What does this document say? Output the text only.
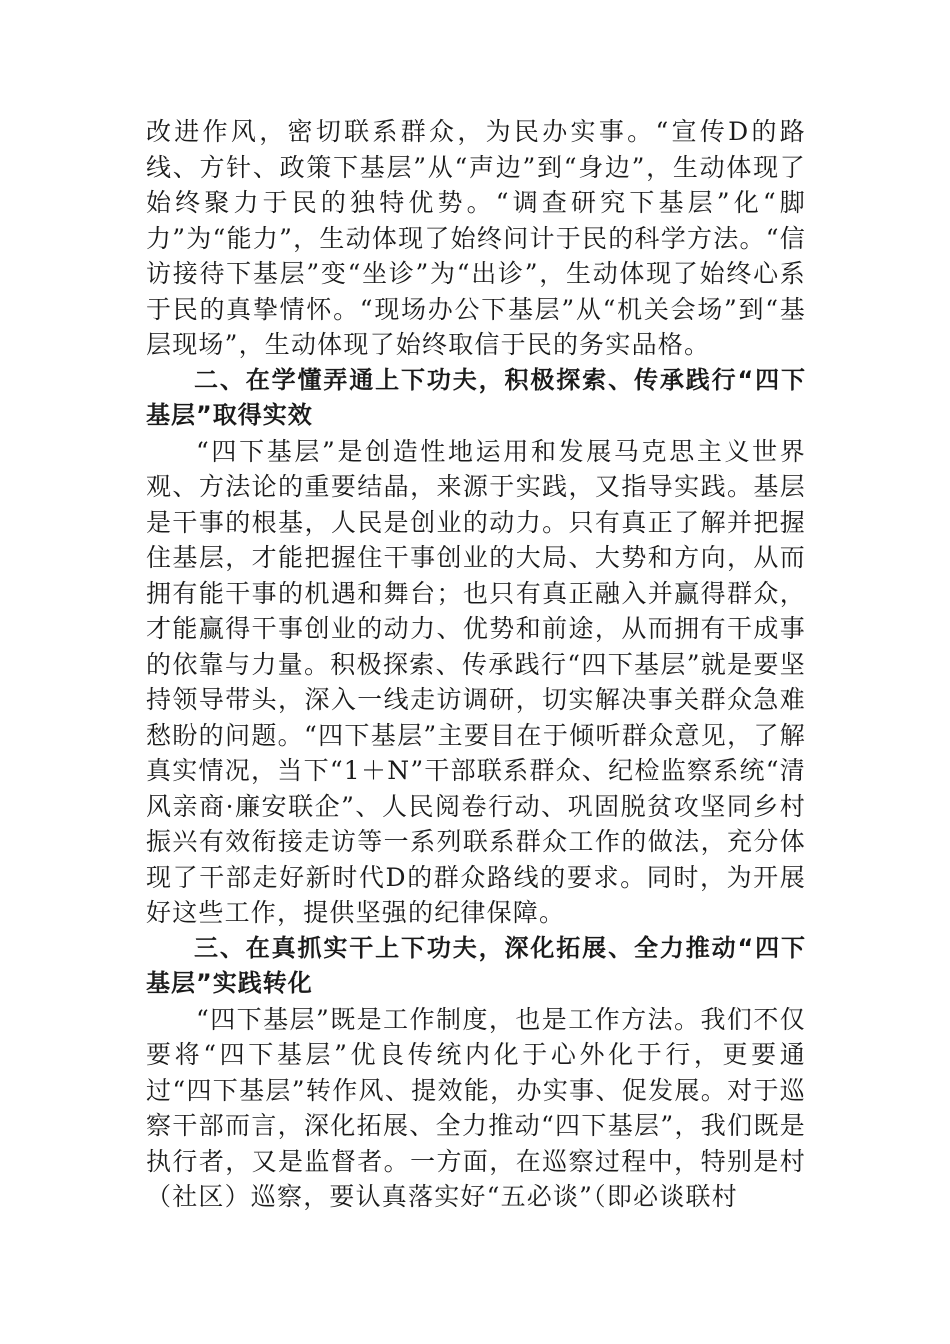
改进作风，密切联系群众，为民办实事。“宣传D的路线、方针、政策下基层”从“声边”到“身边”，生动体现了始终聚力于民的独特优势。“调查研究下基层”化“脚力”为“能力”，生动体现了始终问计于民的科学方法。“信访接待下基层”变“坐诊”为“出诊”，生动体现了始终心系于民的真挚情怀。“现场办公下基层”从“机关会场”到“基层现场”，生动体现了始终取信于民的务实品格。

二、在学懂弄通上下功夫，积极探索、传承践行“四下基层”取得实效

“四下基层”是创造性地运用和发展马克思主义世界观、方法论的重要结晶，来源于实践，又指导实践。基层是干事的根基，人民是创业的动力。只有真正了解并把握住基层，才能把握住干事创业的大局、大势和方向，从而拥有能干事的机遇和舞台；也只有真正融入并赢得群众，才能赢得干事创业的动力、优势和前途，从而拥有干成事的依靠与力量。积极探索、传承践行“四下基层”就是要坚持领导带头，深入一线走访调研，切实解决事关群众急难愁盼的问题。“四下基层”主要目在于倾听群众意见，了解真实情况，当下“1＋N”干部联系群众、纪检监察系统“清风亲商·廉安联企”、人民阅卷行动、巩固脱贫攻坚同乡村振兴有效衔接走访等一系列联系群众工作的做法，充分体现了干部走好新时代D的群众路线的要求。同时，为开展好这些工作，提供坚强的纪律保障。

三、在真抓实干上下功夫，深化拓展、全力推动“四下基层”实践转化

“四下基层”既是工作制度，也是工作方法。我们不仅要将“四下基层”优良传统内化于心外化于行，更要通过“四下基层”转作风、提效能，办实事、促发展。对于巡察干部而言，深化拓展、全力推动“四下基层”，我们既是执行者，又是监督者。一方面，在巡察过程中，特别是村（社区）巡察，要认真落实好“五必谈”（即必谈联村
